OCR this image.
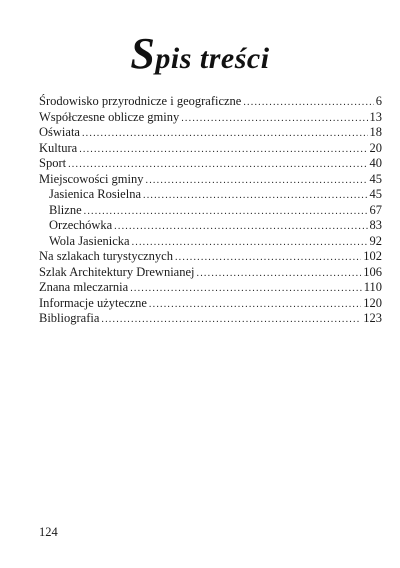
Spis treści
Środowisko przyrodnicze i geograficzne .....	6
Współczesne oblicze gminy .....	13
Oświata .....	18
Kultura .....	20
Sport .....	40
Miejscowości gminy .....	45
Jasienica Rosielna .....	45
Blizne .....	67
Orzechówka .....	83
Wola Jasienicka .....	92
Na szlakach turystycznych .....	102
Szlak Architektury Drewnianej .....	106
Znana mleczarnia .....	110
Informacje użyteczne .....	120
Bibliografia .....	123
124
